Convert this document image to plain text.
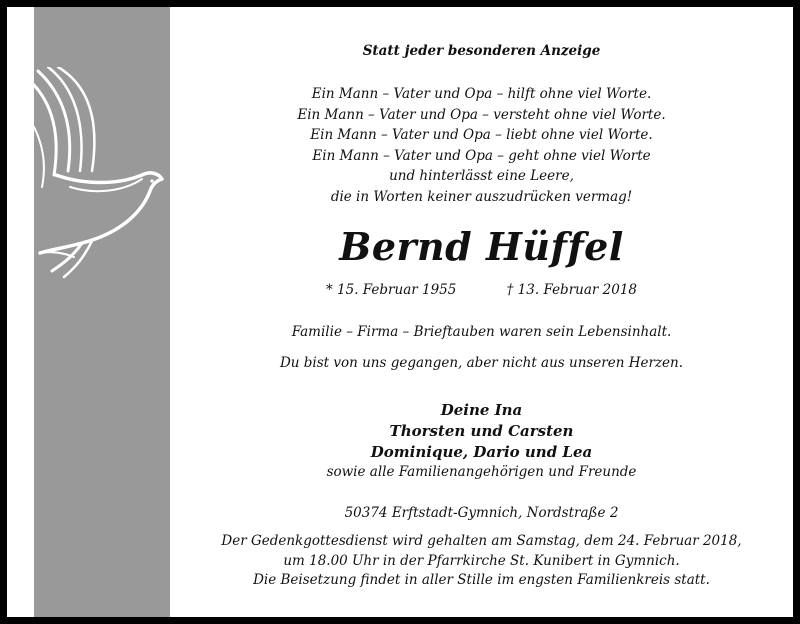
Statt jeder besonderen Anzeige
Ein Mann – Vater und Opa – hilft ohne viel Worte.
Ein Mann – Vater und Opa – versteht ohne viel Worte.
Ein Mann – Vater und Opa – liebt ohne viel Worte.
Ein Mann – Vater und Opa – geht ohne viel Worte
und hinterlässt eine Leere,
die in Worten keiner auszudrücken vermag!
Bernd Hüffel
* 15. Februar 1955	† 13. Februar 2018
Familie – Firma – Brieftauben waren sein Lebensinhalt.
Du bist von uns gegangen, aber nicht aus unseren Herzen.
Deine Ina
Thorsten und Carsten
Dominique, Dario und Lea
sowie alle Familienangehörigen und Freunde
50374 Erftstadt-Gymnich, Nordstraße 2
Der Gedenkgottesdienst wird gehalten am Samstag, dem 24. Februar 2018,
um 18.00 Uhr in der Pfarrkirche St. Kunibert in Gymnich.
Die Beisetzung findet in aller Stille im engsten Familienkreis statt.
